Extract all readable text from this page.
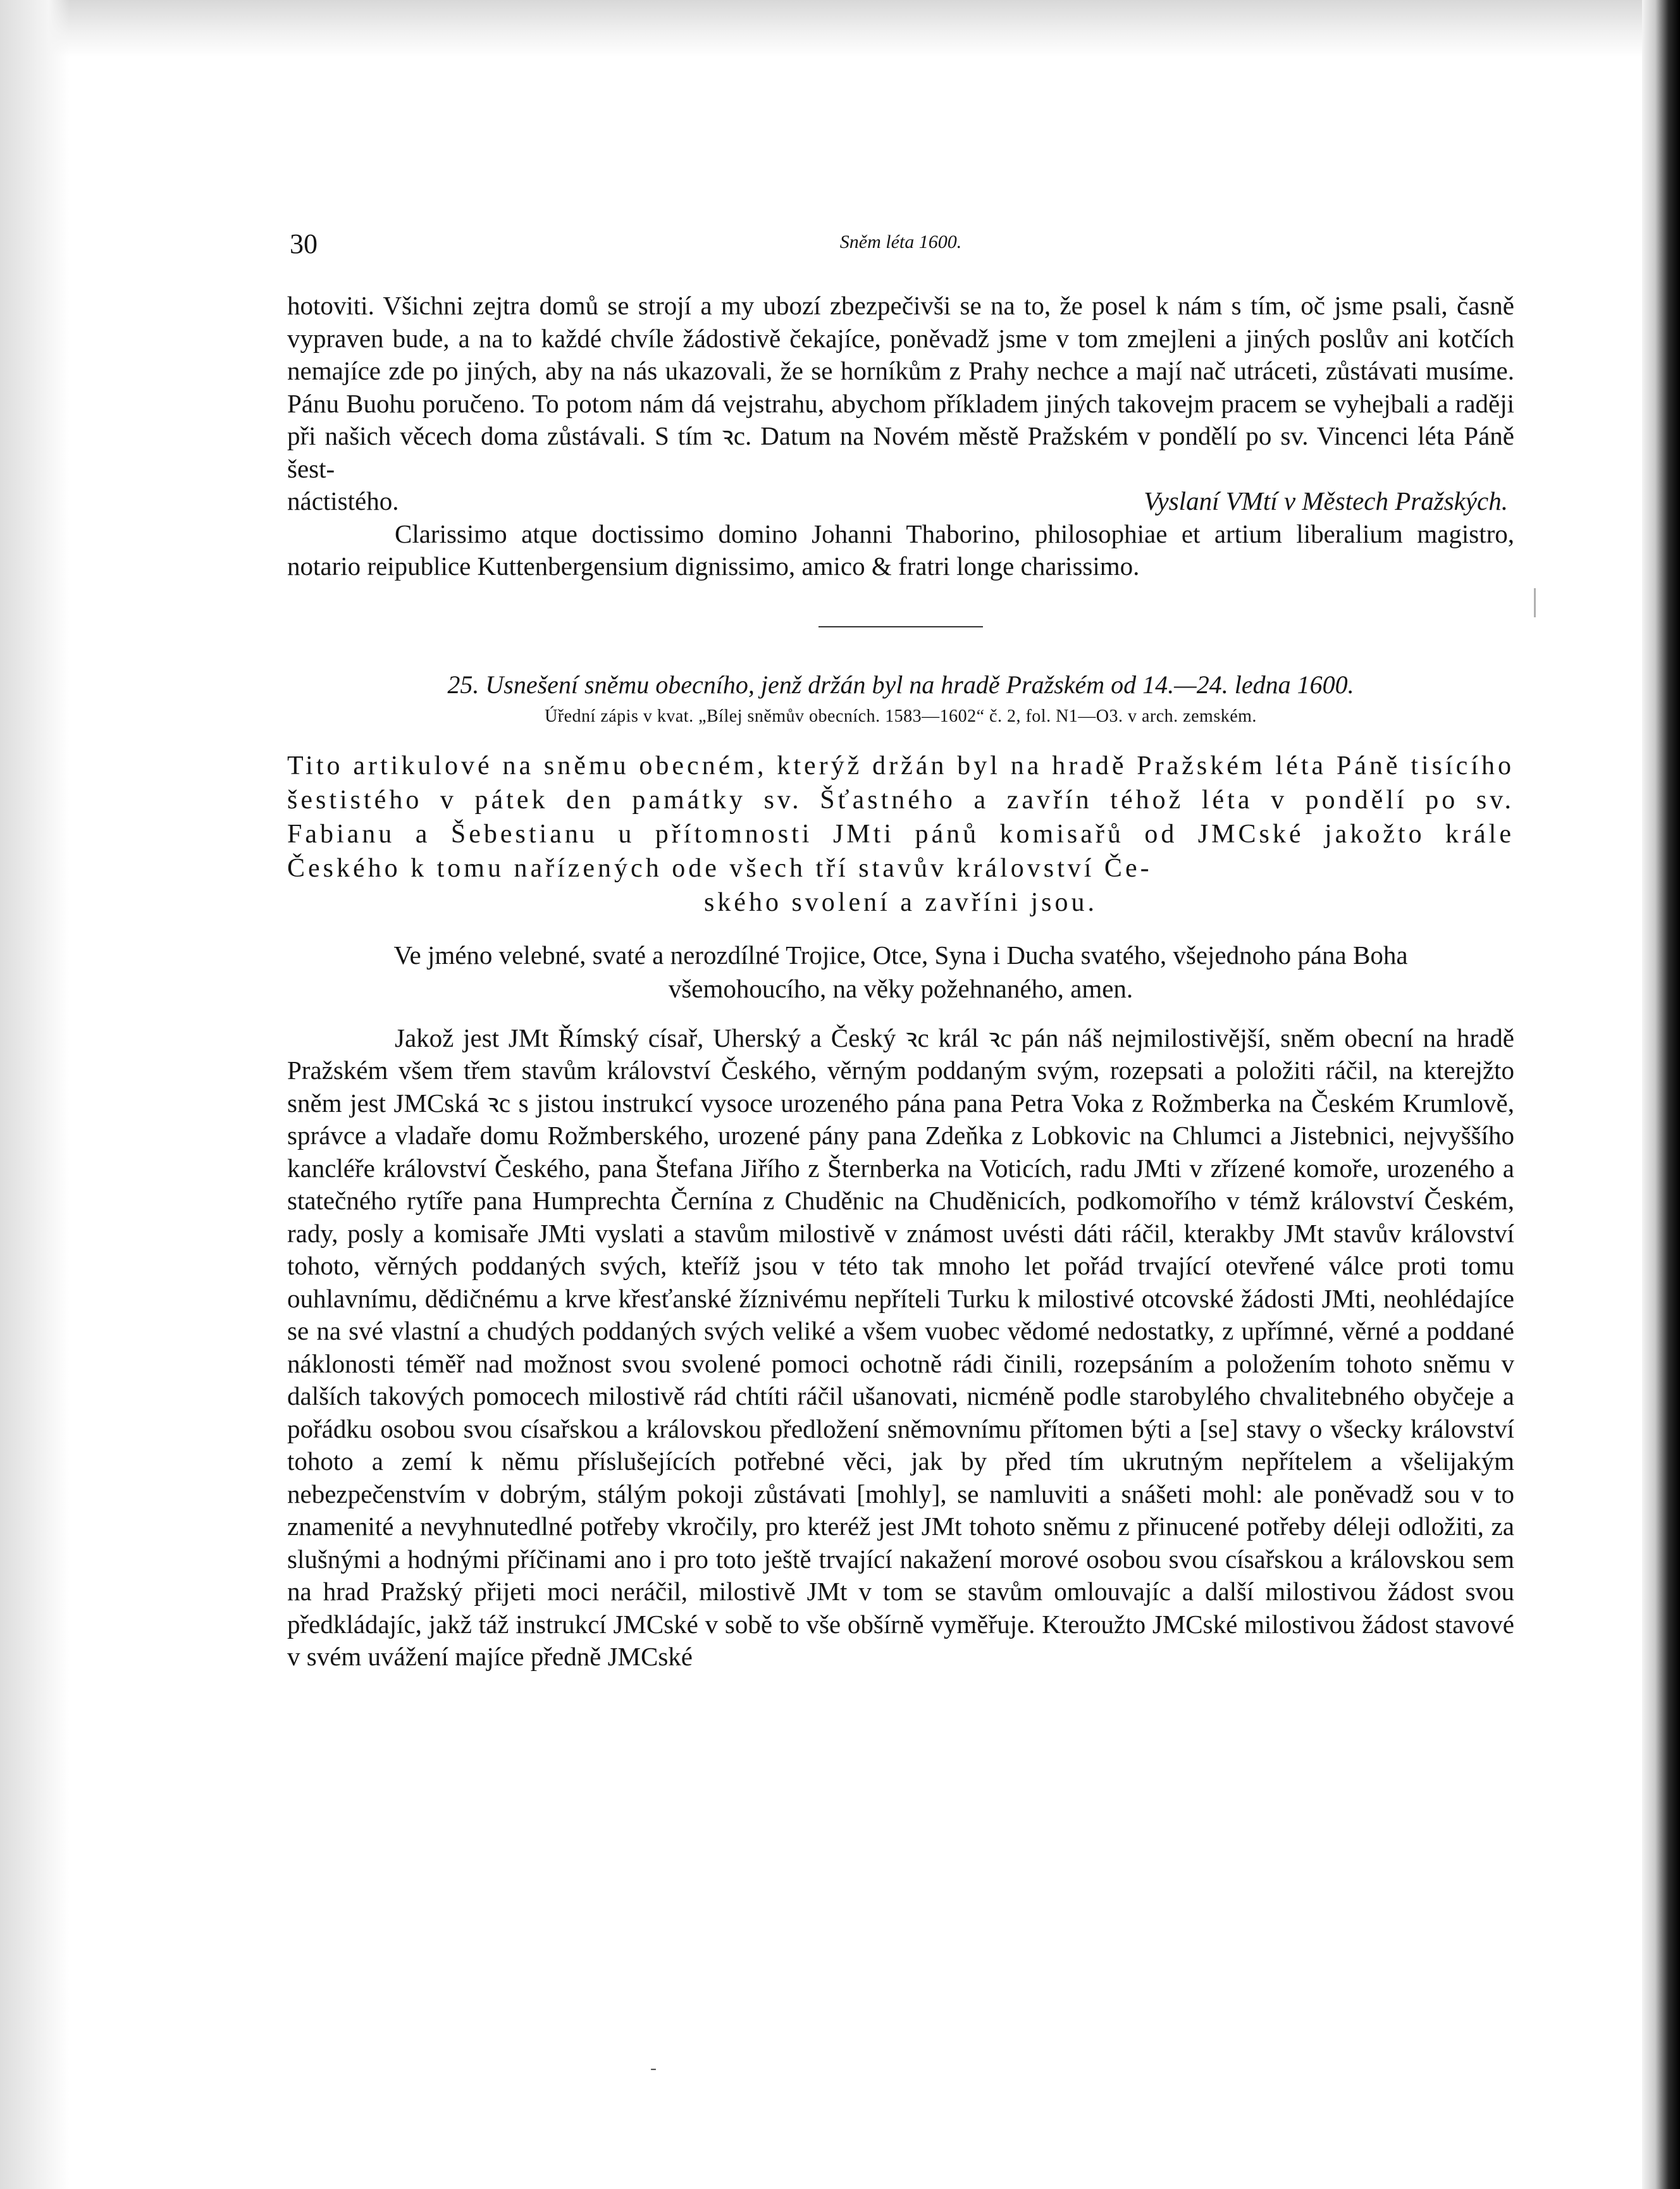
30	Sněm léta 1600.

hotoviti. Všichni zejtra domů se strojí a my ubozí zbezpečivši se na to, že posel k nám s tím, oč jsme psali, časně vypraven bude, a na to každé chvíle žádostivě čekajíce, poněvadž jsme v tom zmejleni a jiných poslův ani kotčích nemajíce zde po jiných, aby na nás ukazovali, že se horníkům z Prahy nechce a mají nač utráceti, zůstávati musíme. Pánu Buohu poručeno. To potom nám dá vejstrahu, abychom příkladem jiných takovejm pracem se vyhejbali a raději při našich věcech doma zůstávali. S tím ꝛc. Datum na Novém městě Pražském v pondělí po sv. Vincenci léta Páně šest-

náctistého.	Vyslaní VMtí v Městech Pražských.

Clarissimo atque doctissimo domino Johanni Thaborino, philosophiae et artium liberalium magistro, notario reipublice Kuttenbergensium dignissimo, amico & fratri longe charissimo.

25. Usnešení sněmu obecního, jenž držán byl na hradě Pražském od 14.—24. ledna 1600.

Úřední zápis v kvat. „Bílej sněmův obecních. 1583—1602“ č. 2, fol. N1—O3. v arch. zemském.

Tito artikulové na sněmu obecném, kterýž držán byl na hradě Pražském léta Páně tisícího šestistého v pátek den památky sv. Šťastného a zavřín téhož léta v pondělí po sv. Fabianu a Šebestianu u přítomnosti JMti pánů komisařů od JMCské jakožto krále Českého k tomu nařízených ode všech tří stavův království Če-
ského svolení a zavříni jsou.

Ve jméno velebné, svaté a nerozdílné Trojice, Otce, Syna i Ducha svatého, všejednoho pána Boha
všemohoucího, na věky požehnaného, amen.

Jakož jest JMt Římský císař, Uherský a Český ꝛc král ꝛc pán náš nejmilostivější, sněm obecní na hradě Pražském všem třem stavům království Českého, věrným poddaným svým, rozepsati a položiti ráčil, na kterejžto sněm jest JMCská ꝛc s jistou instrukcí vysoce urozeného pána pana Petra Voka z Rožmberka na Českém Krumlově, správce a vladaře domu Rožmberského, urozené pány pana Zdeňka z Lobkovic na Chlumci a Jistebnici, nejvyššího kancléře království Českého, pana Štefana Jiřího z Šternberka na Voticích, radu JMti v zřízené komoře, urozeného a statečného rytíře pana Humprechta Černína z Chuděnic na Chuděnicích, podkomořího v témž království Českém, rady, posly a komisaře JMti vyslati a stavům milostivě v známost uvésti dáti ráčil, kterakby JMt stavův království tohoto, věrných poddaných svých, kteříž jsou v této tak mnoho let pořád trvající otevřené válce proti tomu ouhlavnímu, dědičnému a krve křesťanské žíznivému nepříteli Turku k milostivé otcovské žádosti JMti, neohlédajíce se na své vlastní a chudých poddaných svých veliké a všem vuobec vědomé nedostatky, z upřímné, věrné a poddané náklonosti téměř nad možnost svou svolené pomoci ochotně rádi činili, rozepsáním a položením tohoto sněmu v dalších takových pomocech milostivě rád chtíti ráčil ušanovati, nicméně podle starobylého chvalitebného obyčeje a pořádku osobou svou císařskou a královskou předložení sněmovnímu přítomen býti a [se] stavy o všecky království tohoto a zemí k němu příslušejících potřebné věci, jak by před tím ukrutným nepřítelem a všelijakým nebezpečenstvím v dobrým, stálým pokoji zůstávati [mohly], se namluviti a snášeti mohl: ale poněvadž sou v to znamenité a nevyhnutedlné potřeby vkročily, pro kteréž jest JMt tohoto sněmu z přinucené potřeby déleji odložiti, za slušnými a hodnými příčinami ano i pro toto ještě trvající nakažení morové osobou svou císařskou a královskou sem na hrad Pražský přijeti moci neráčil, milostivě JMt v tom se stavům omlouvajíc a další milostivou žádost svou předkládajíc, jakž táž instrukcí JMCské v sobě to vše obšírně vyměřuje. Kteroužto JMCské milostivou žádost stavové v svém uvážení majíce předně JMCské

‑
